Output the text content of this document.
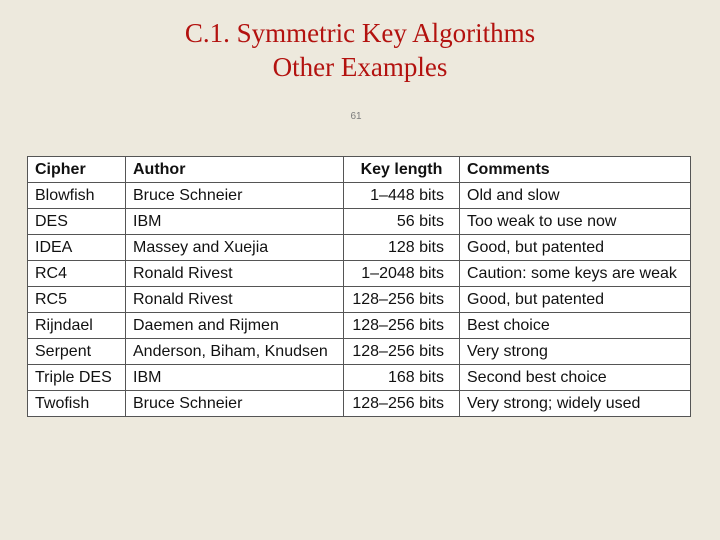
C.1. Symmetric Key Algorithms
Other Examples
61
Cipher	Author	Key length	Comments
Blowfish	Bruce Schneier	1–448 bits	Old and slow
DES	IBM	56 bits	Too weak to use now
IDEA	Massey and Xuejia	128 bits	Good, but patented
RC4	Ronald Rivest	1–2048 bits	Caution: some keys are weak
RC5	Ronald Rivest	128–256 bits	Good, but patented
Rijndael	Daemen and Rijmen	128–256 bits	Best choice
Serpent	Anderson, Biham, Knudsen	128–256 bits	Very strong
Triple DES	IBM	168 bits	Second best choice
Twofish	Bruce Schneier	128–256 bits	Very strong; widely used
